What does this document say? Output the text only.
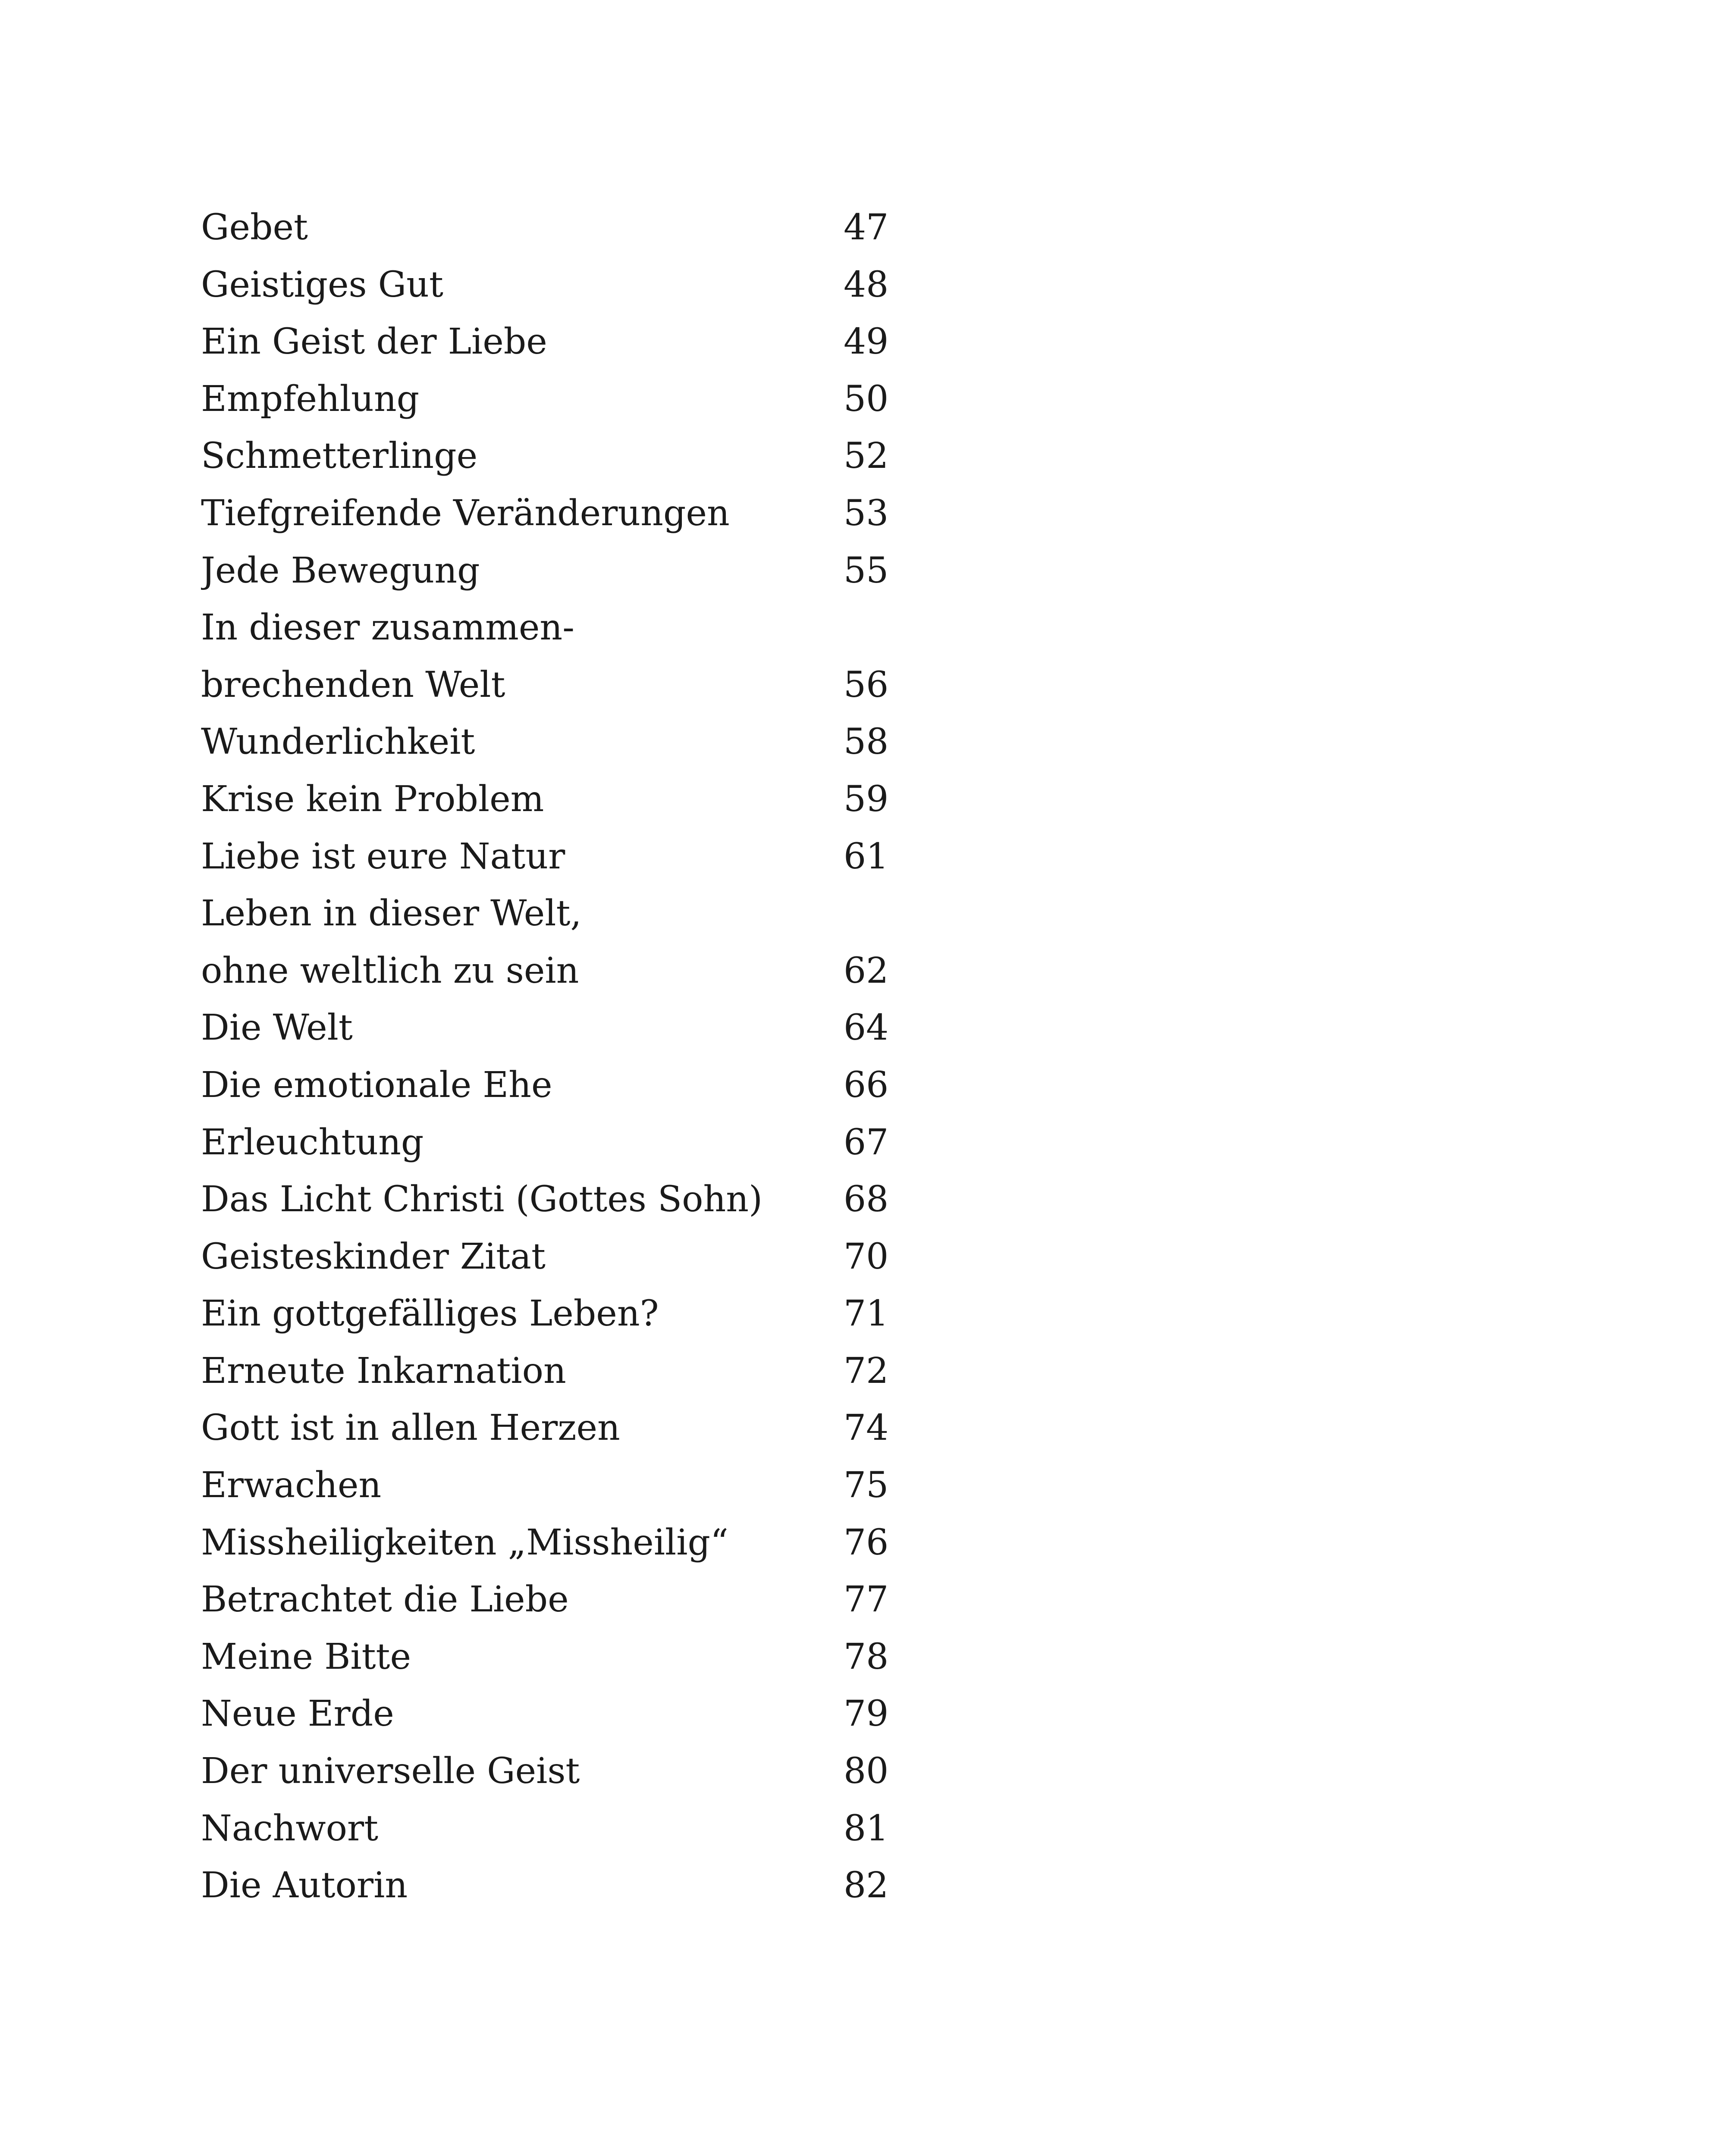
Gebet	47
Geistiges Gut	48
Ein Geist der Liebe	49
Empfehlung	50
Schmetterlinge	52
Tiefgreifende Veränderungen	53
Jede Bewegung	55
In dieser zusammen-
brechenden Welt	56
Wunderlichkeit	58
Krise kein Problem	59
Liebe ist eure Natur	61
Leben in dieser Welt,
ohne weltlich zu sein	62
Die Welt	64
Die emotionale Ehe	66
Erleuchtung	67
Das Licht Christi (Gottes Sohn)	68
Geisteskinder Zitat	70
Ein gottgefälliges Leben?	71
Erneute Inkarnation	72
Gott ist in allen Herzen	74
Erwachen	75
Missheiligkeiten „Missheilig“	76
Betrachtet die Liebe	77
Meine Bitte	78
Neue Erde	79
Der universelle Geist	80
Nachwort	81
Die Autorin	82
